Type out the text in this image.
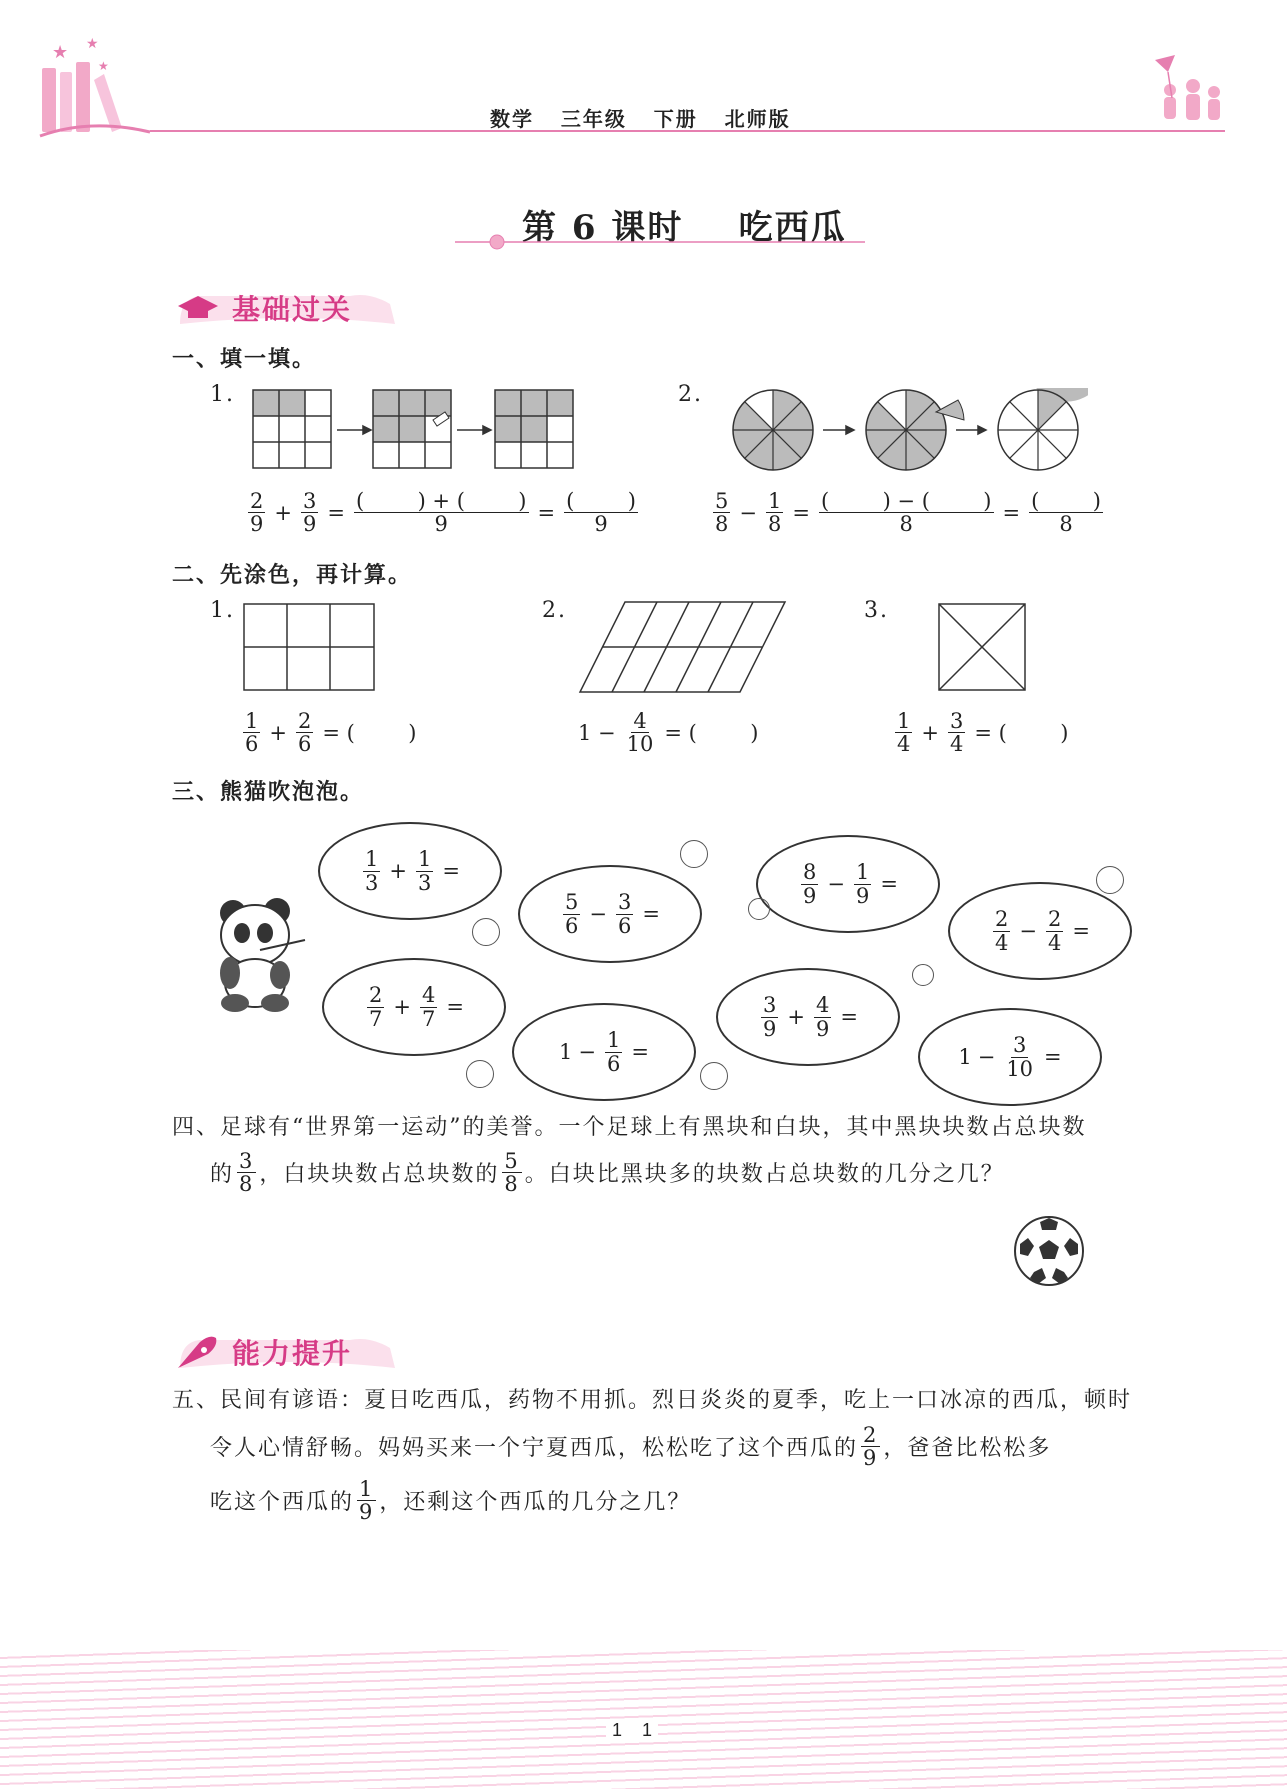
★ ★
★
数学   三年级   下册   北师版
第 6 课时    吃西瓜
基础过关
一、填一填。
1.	2.
$\frac{2}{9} + \frac{3}{9} = \frac{( ) + ( )}{9} = \frac{( )}{9}$	$\frac{5}{8} - \frac{1}{8} = \frac{( ) - ( )}{8} = \frac{( )}{8}$
二、先涂色，再计算。
1.	2.	3.
$\frac{1}{6} + \frac{2}{6}$ = (        )	$1 - \frac{4}{10}$ = (        )	$\frac{1}{4} + \frac{3}{4}$ = (        )
三、熊猫吹泡泡。
$\frac{1}{3} + \frac{1}{3}$ =
$\frac{5}{6} - \frac{3}{6}$ =
$\frac{8}{9} - \frac{1}{9}$ =
$\frac{2}{4} - \frac{2}{4}$ =
$\frac{2}{7} + \frac{4}{7}$ =
$1 - \frac{1}{6}$ =
$\frac{3}{9} + \frac{4}{9}$ =
$1 - \frac{3}{10}$ =
四、足球有“世界第一运动”的美誉。一个足球上有黑块和白块，其中黑块块数占总块数
的 $\frac{3}{8}$ ，白块块数占总块数的 $\frac{5}{8}$ 。白块比黑块多的块数占总块数的几分之几？
能力提升
五、民间有谚语：夏日吃西瓜，药物不用抓。烈日炎炎的夏季，吃上一口冰凉的西瓜，顿时
令人心情舒畅。妈妈买来一个宁夏西瓜，松松吃了这个西瓜的 $\frac{2}{9}$ ，爸爸比松松多
吃这个西瓜的 $\frac{1}{9}$ ，还剩这个西瓜的几分之几？
1    1
